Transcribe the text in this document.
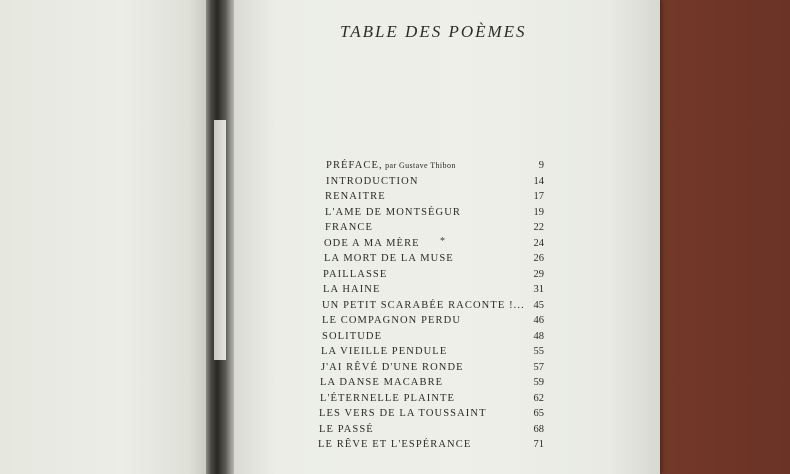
TABLE DES POÈMES
*
PRÉFACE, par Gustave Thibon	9
INTRODUCTION	14
RENAITRE	17
L'AME DE MONTSÉGUR	19
FRANCE	22
ODE A MA MÈRE	24
LA MORT DE LA MUSE	26
PAILLASSE	29
LA HAINE	31
UN PETIT SCARABÉE RACONTE !... 45
LE COMPAGNON PERDU	46
SOLITUDE	48
LA VIEILLE PENDULE	55
J'AI RÊVÉ D'UNE RONDE	57
LA DANSE MACABRE	59
L'ÉTERNELLE PLAINTE	62
LES VERS DE LA TOUSSAINT	65
LE PASSÉ	68
LE RÊVE ET L'ESPÉRANCE	71
